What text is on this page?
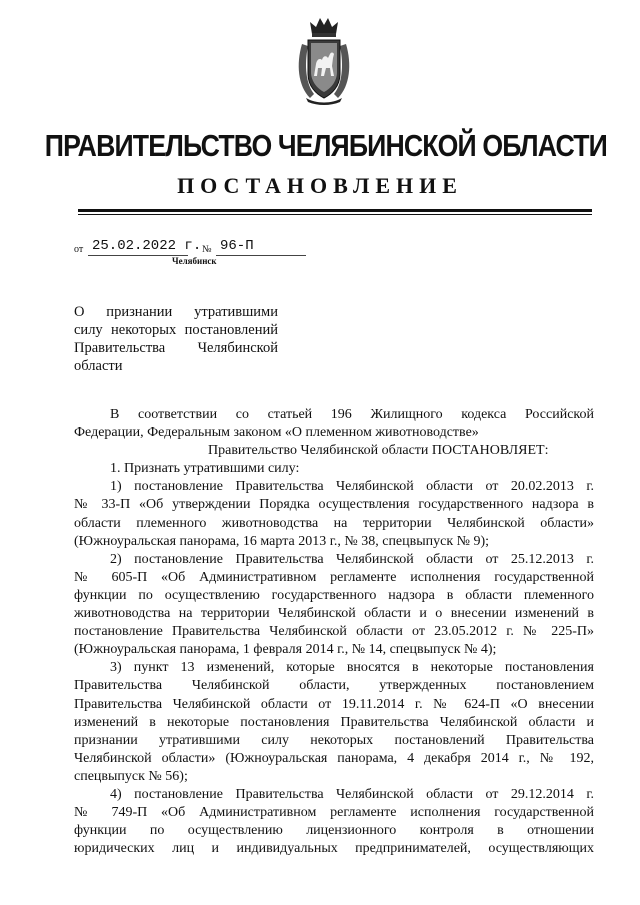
ПРАВИТЕЛЬСТВО ЧЕЛЯБИНСКОЙ ОБЛАСТИ
ПОСТАНОВЛЕНИЕ
от 25.02.2022 г. № 96-П
Челябинск
О признании утратившими
силу некоторых постановлений
Правительства Челябинской
области
В соответствии со статьей 196 Жилищного кодекса Российской
Федерации, Федеральным законом «О племенном животноводстве»
Правительство Челябинской области ПОСТАНОВЛЯЕТ:
1. Признать утратившими силу:
1) постановление Правительства Челябинской области от 20.02.2013 г.
№ 33-П «Об утверждении Порядка осуществления государственного надзора в
области племенного животноводства на территории Челябинской области»
(Южноуральская панорама, 16 марта 2013 г., № 38, спецвыпуск № 9);
2) постановление Правительства Челябинской области от 25.12.2013 г.
№ 605-П «Об Административном регламенте исполнения государственной
функции по осуществлению государственного надзора в области племенного
животноводства на территории Челябинской области и о внесении изменений в
постановление Правительства Челябинской области от 23.05.2012 г. № 225-П»
(Южноуральская панорама, 1 февраля 2014 г., № 14, спецвыпуск № 4);
3) пункт 13 изменений, которые вносятся в некоторые постановления
Правительства Челябинской области, утвержденных постановлением
Правительства Челябинской области от 19.11.2014 г. № 624-П «О внесении
изменений в некоторые постановления Правительства Челябинской области и
признании утратившими силу некоторых постановлений Правительства
Челябинской области» (Южноуральская панорама, 4 декабря 2014 г., № 192,
спецвыпуск № 56);
4) постановление Правительства Челябинской области от 29.12.2014 г.
№ 749-П «Об Административном регламенте исполнения государственной
функции по осуществлению лицензионного контроля в отношении
юридических лиц и индивидуальных предпринимателей, осуществляющих
